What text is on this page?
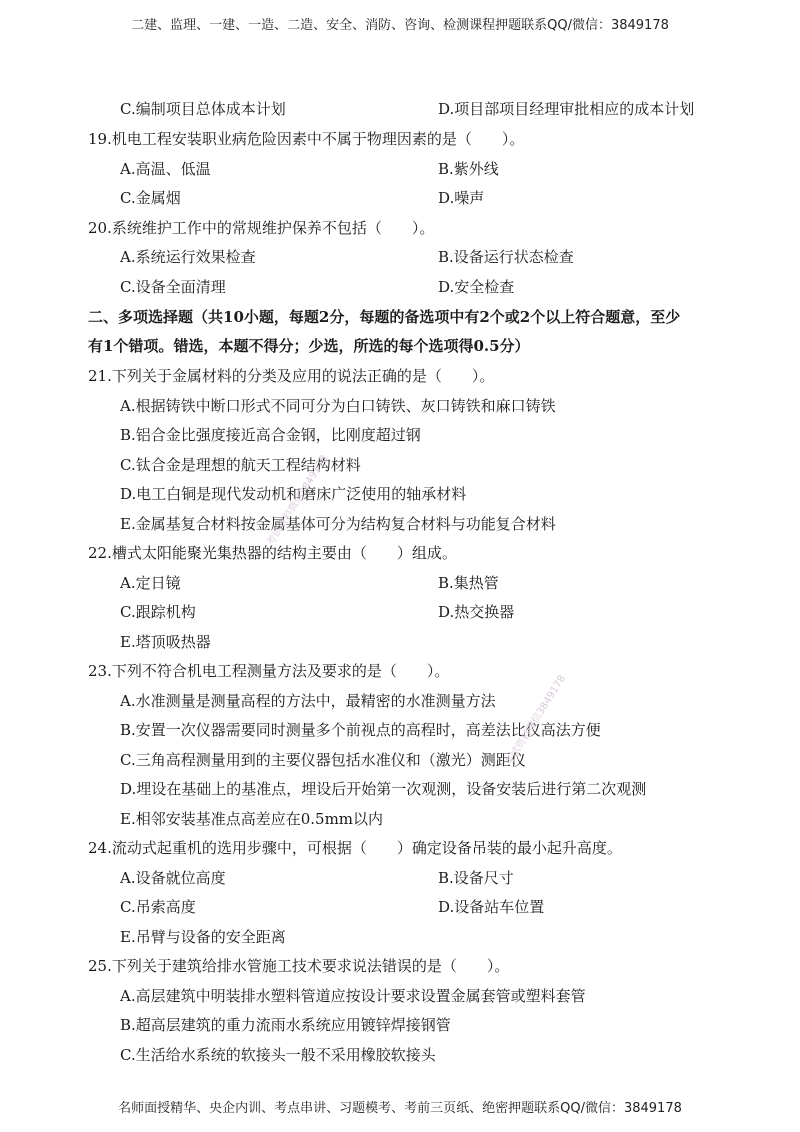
二建、监理、一建、一造、二造、安全、消防、咨询、检测课程押题联系QQ/微信：3849178
C.编制项目总体成本计划	D.项目部项目经理审批相应的成本计划
19.机电工程安装职业病危险因素中不属于物理因素的是（　　）。
A.高温、低温	B.紫外线
C.金属烟	D.噪声
20.系统维护工作中的常规维护保养不包括（　　）。
A.系统运行效果检查	B.设备运行状态检查
C.设备全面清理	D.安全检查
二、多项选择题（共10小题，每题2分，每题的备选项中有2个或2个以上符合题意，至少
有1个错项。错选，本题不得分；少选，所选的每个选项得0.5分）
21.下列关于金属材料的分类及应用的说法正确的是（　　）。
A.根据铸铁中断口形式不同可分为白口铸铁、灰口铸铁和麻口铸铁
B.铝合金比强度接近高合金钢，比刚度超过钢
C.钛合金是理想的航天工程结构材料
D.电工白铜是现代发动机和磨床广泛使用的轴承材料
E.金属基复合材料按金属基体可分为结构复合材料与功能复合材料
22.槽式太阳能聚光集热器的结构主要由（　　）组成。
A.定日镜	B.集热管
C.跟踪机构	D.热交换器
E.塔顶吸热器
23.下列不符合机电工程测量方法及要求的是（　　）。
A.水准测量是测量高程的方法中，最精密的水准测量方法
B.安置一次仪器需要同时测量多个前视点的高程时，高差法比仪高法方便
C.三角高程测量用到的主要仪器包括水准仪和（激光）测距仪
D.埋设在基础上的基准点，埋设后开始第一次观测，设备安装后进行第二次观测
E.相邻安装基准点高差应在0.5mm以内
24.流动式起重机的选用步骤中，可根据（　　）确定设备吊装的最小起升高度。
A.设备就位高度	B.设备尺寸
C.吊索高度	D.设备站车位置
E.吊臂与设备的安全距离
25.下列关于建筑给排水管施工技术要求说法错误的是（　　）。
A.高层建筑中明装排水塑料管道应按设计要求设置金属套管或塑料套管
B.超高层建筑的重力流雨水系统应用镀锌焊接钢管
C.生活给水系统的软接头一般不采用橡胶软接头
考试资料微信3849178
考试资料微信3849178
名师面授精华、央企内训、考点串讲、习题模考、考前三页纸、绝密押题联系QQ/微信：3849178
